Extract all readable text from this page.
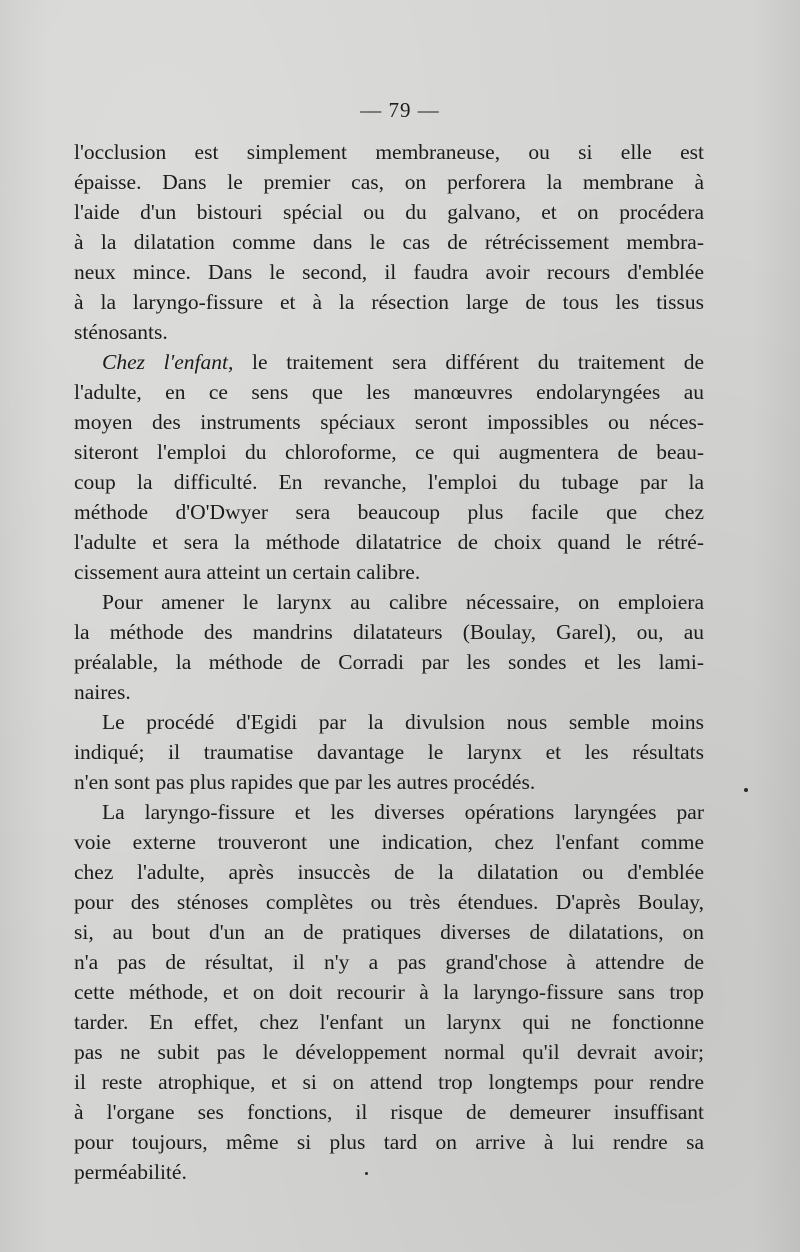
— 79 —
l'occlusion est simplement membraneuse, ou si elle est
épaisse. Dans le premier cas, on perforera la membrane à
l'aide d'un bistouri spécial ou du galvano, et on procédera
à la dilatation comme dans le cas de rétrécissement membra-
neux mince. Dans le second, il faudra avoir recours d'emblée
à la laryngo-fissure et à la résection large de tous les tissus
sténosants.
Chez l'enfant, le traitement sera différent du traitement de
l'adulte, en ce sens que les manœuvres endolaryngées au
moyen des instruments spéciaux seront impossibles ou néces-
siteront l'emploi du chloroforme, ce qui augmentera de beau-
coup la difficulté. En revanche, l'emploi du tubage par la
méthode d'O'Dwyer sera beaucoup plus facile que chez
l'adulte et sera la méthode dilatatrice de choix quand le rétré-
cissement aura atteint un certain calibre.
Pour amener le larynx au calibre nécessaire, on emploiera
la méthode des mandrins dilatateurs (Boulay, Garel), ou, au
préalable, la méthode de Corradi par les sondes et les lami-
naires.
Le procédé d'Egidi par la divulsion nous semble moins
indiqué; il traumatise davantage le larynx et les résultats
n'en sont pas plus rapides que par les autres procédés.
La laryngo-fissure et les diverses opérations laryngées par
voie externe trouveront une indication, chez l'enfant comme
chez l'adulte, après insuccès de la dilatation ou d'emblée
pour des sténoses complètes ou très étendues. D'après Boulay,
si, au bout d'un an de pratiques diverses de dilatations, on
n'a pas de résultat, il n'y a pas grand'chose à attendre de
cette méthode, et on doit recourir à la laryngo-fissure sans trop
tarder. En effet, chez l'enfant un larynx qui ne fonctionne
pas ne subit pas le développement normal qu'il devrait avoir;
il reste atrophique, et si on attend trop longtemps pour rendre
à l'organe ses fonctions, il risque de demeurer insuffisant
pour toujours, même si plus tard on arrive à lui rendre sa
perméabilité.
